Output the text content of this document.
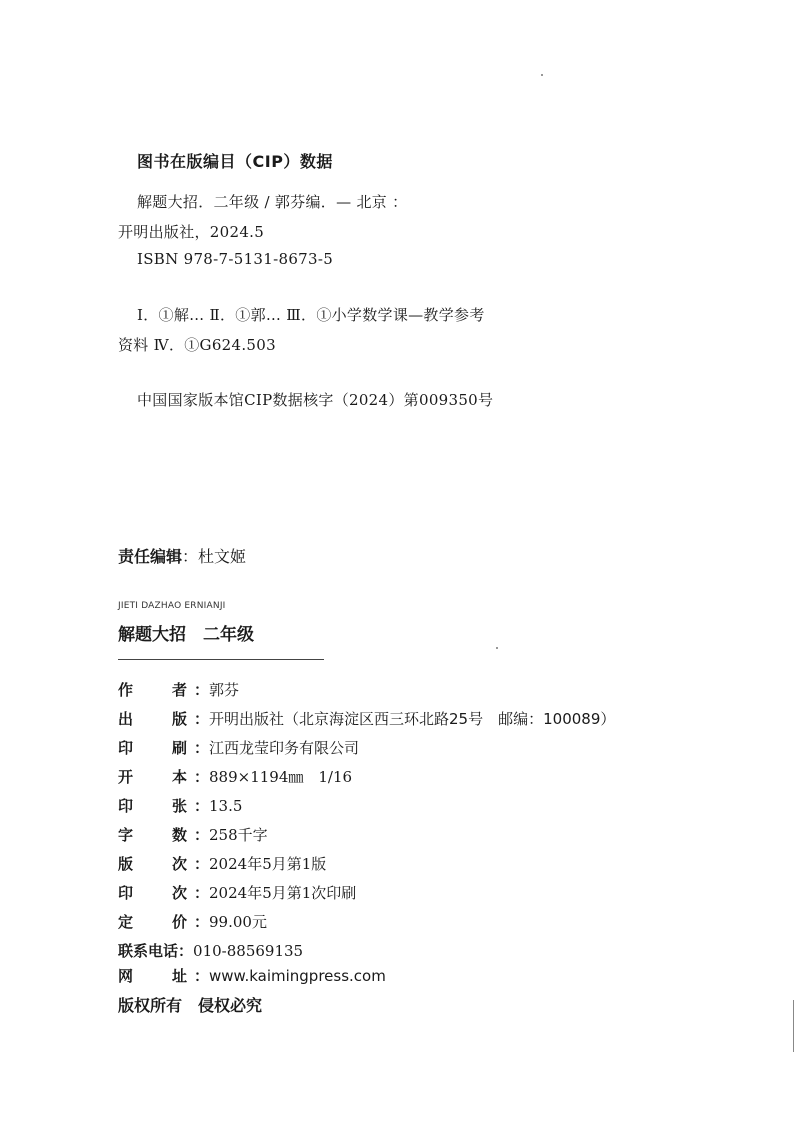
图书在版编目（CIP）数据
解题大招．二年级 / 郭芬编．— 北京 ：
开明出版社，2024.5
ISBN 978-7-5131-8673-5
Ⅰ．①解… Ⅱ．①郭… Ⅲ．①小学数学课—教学参考
资料 Ⅳ．①G624.503
中国国家版本馆CIP数据核字（2024）第009350号
责任编辑：杜文姬
JIETI DAZHAO ERNIANJI
解题大招　二年级
作	者 ：郭芬
出	版 ：开明出版社（北京海淀区西三环北路25号　邮编：100089）
印	刷 ：江西龙莹印务有限公司
开	本 ：889×1194㎜　1/16
印	张 ：13.5
字	数 ：258千字
版	次 ：2024年5月第1版
印	次 ：2024年5月第1次印刷
定	价 ：99.00元
联系电话：010-88569135
网	址 ：www.kaimingpress.com
版权所有　侵权必究
